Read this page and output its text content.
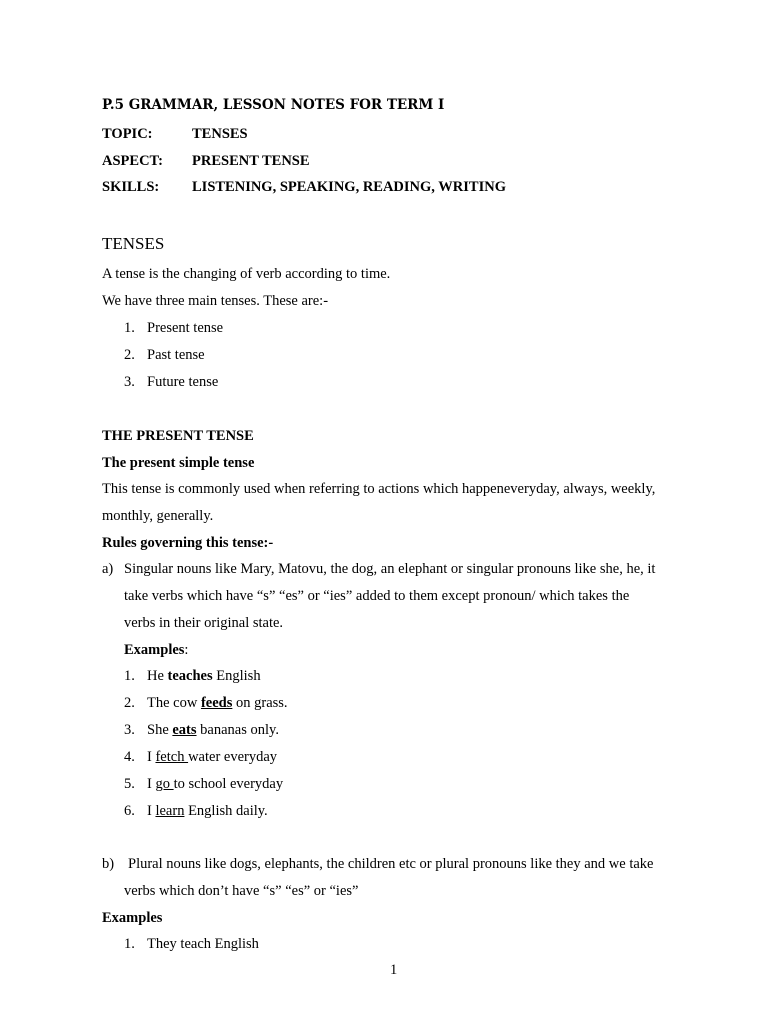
P.5 GRAMMAR, LESSON NOTES FOR TERM I
TOPIC:	TENSES
ASPECT: PRESENT TENSE
SKILLS: LISTENING, SPEAKING, READING, WRITING
TENSES
A tense is the changing of verb according to time.
We have three main tenses. These are:-
1. Present tense
2. Past tense
3. Future tense
THE PRESENT TENSE
The present simple tense
This tense is commonly used when referring to actions which happeneveryday, always, weekly,
monthly, generally.
Rules governing this tense:-
a) Singular nouns like Mary, Matovu, the dog, an elephant or singular pronouns like she, he, it
take verbs which have “s” “es” or “ies” added to them except pronoun/ which takes the
verbs in their original state.
Examples:
1. He teaches English
2. The cow feeds on grass.
3. She eats bananas only.
4. I fetch water everyday
5. I go to school everyday
6. I learn English daily.
b) Plural nouns like dogs, elephants, the children etc or plural pronouns like they and we take
verbs which don’t have “s” “es” or “ies”
Examples
1. They teach English
1
